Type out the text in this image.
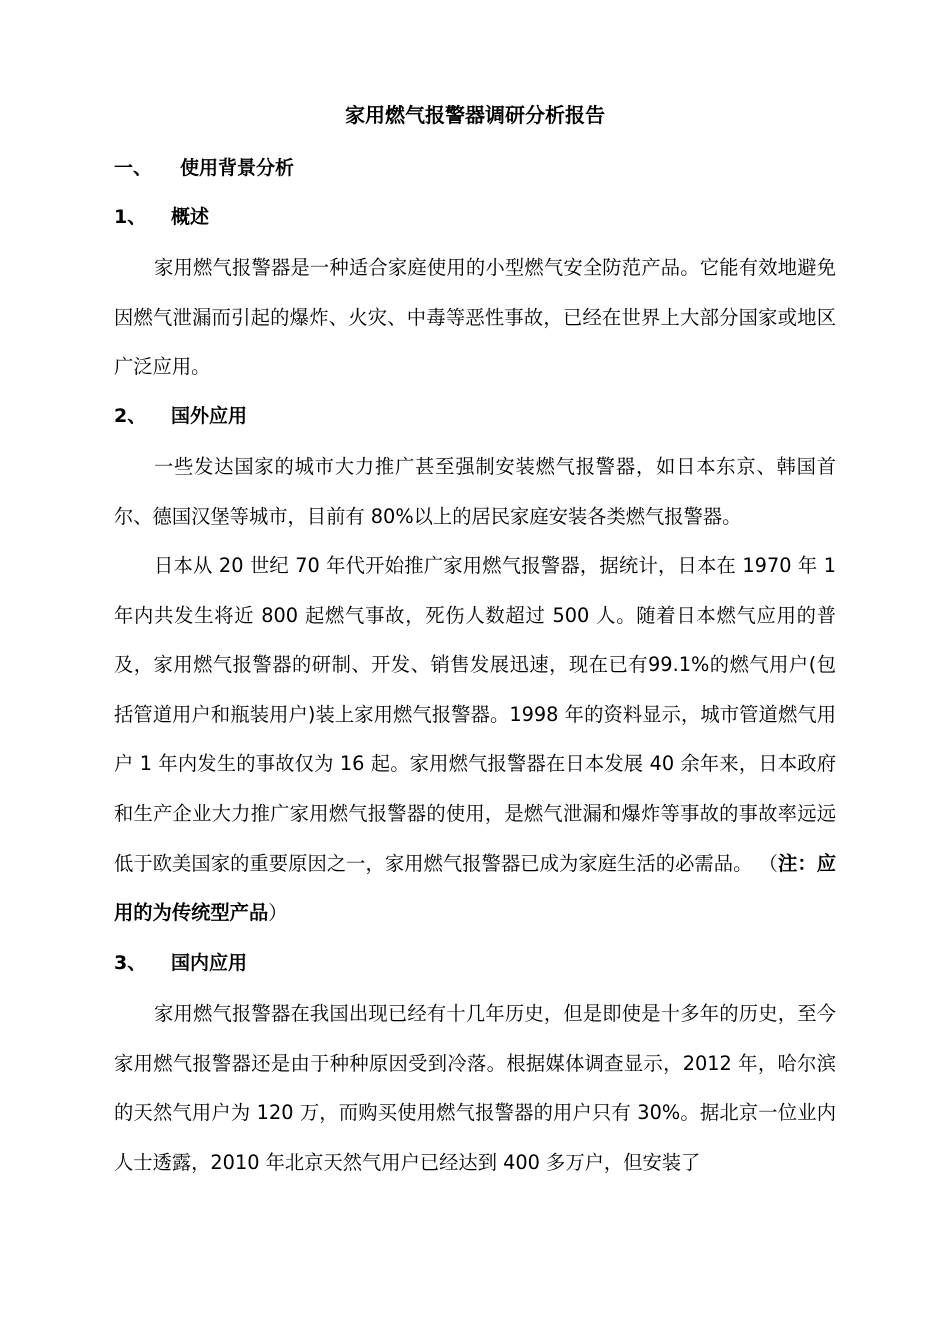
家用燃气报警器调研分析报告
一、 使用背景分析
1、 概述

家用燃气报警器是一种适合家庭使用的小型燃气安全防范产品。它能有效地避免因燃气泄漏而引起的爆炸、火灾、中毒等恶性事故，已经在世界上大部分国家或地区广泛应用。

2、 国外应用

一些发达国家的城市大力推广甚至强制安装燃气报警器，如日本东京、韩国首尔、德国汉堡等城市，目前有 80%以上的居民家庭安装各类燃气报警器。

日本从 20 世纪 70 年代开始推广家用燃气报警器，据统计，日本在 1970 年 1 年内共发生将近 800 起燃气事故，死伤人数超过 500 人。随着日本燃气应用的普及，家用燃气报警器的研制、开发、销售发展迅速，现在已有99.1%的燃气用户(包括管道用户和瓶装用户)装上家用燃气报警器。1998 年的资料显示，城市管道燃气用户 1 年内发生的事故仅为 16 起。家用燃气报警器在日本发展 40 余年来，日本政府和生产企业大力推广家用燃气报警器的使用，是燃气泄漏和爆炸等事故的事故率远远低于欧美国家的重要原因之一，家用燃气报警器已成为家庭生活的必需品。 （注：应用的为传统型产品）

3、 国内应用

家用燃气报警器在我国出现已经有十几年历史，但是即使是十多年的历史，至今家用燃气报警器还是由于种种原因受到冷落。根据媒体调查显示，2012 年，哈尔滨的天然气用户为 120 万，而购买使用燃气报警器的用户只有 30%。据北京一位业内人士透露，2010 年北京天然气用户已经达到 400 多万户，但安装了
